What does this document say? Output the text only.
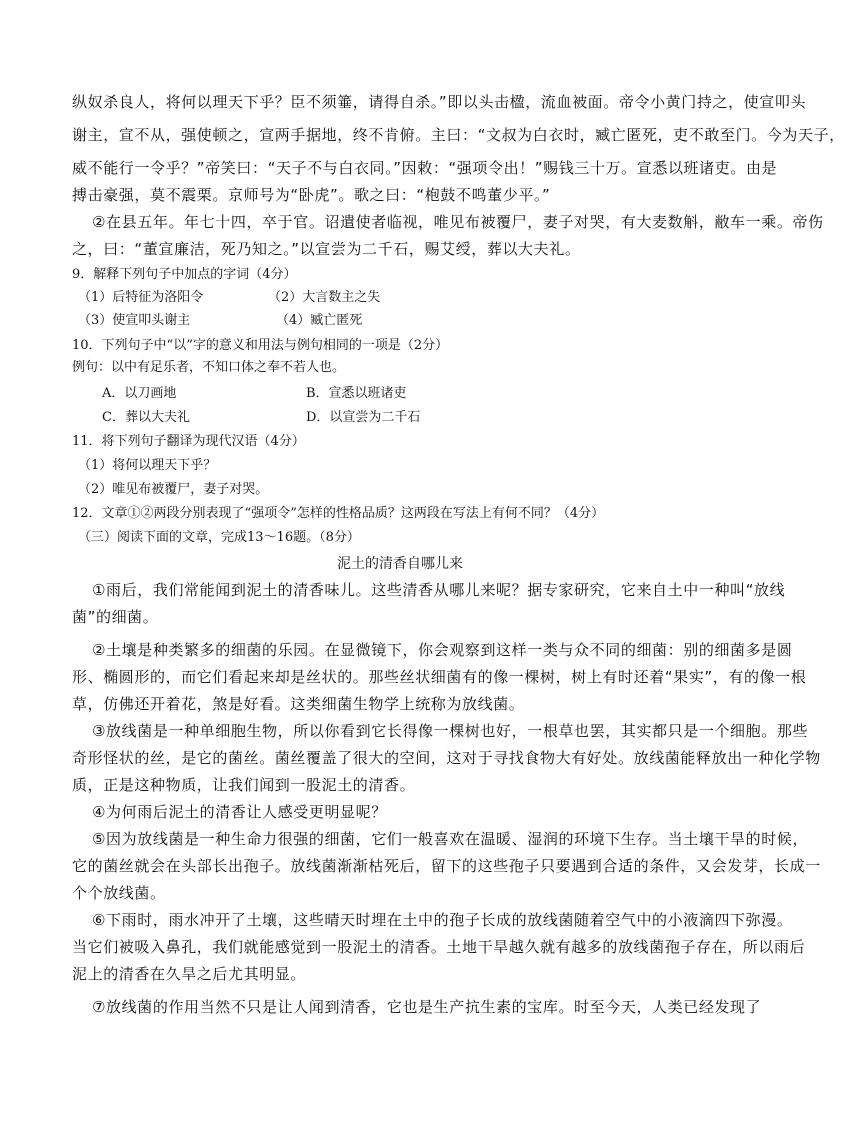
纵奴杀良人，将何以理天下乎？臣不须箠，请得自杀。”即以头击楹，流血被面。帝令小黄门持之，使宣叩头
谢主，宣不从，强使顿之，宣两手据地，终不肯俯。主曰：“文叔为白衣时，臧亡匿死，吏不敢至门。今为天子，
威不能行一令乎？”帝笑曰：“天子不与白衣同。”因敕：“强项令出！”赐钱三十万。宣悉以班诸吏。由是
搏击豪强，莫不震栗。京师号为“卧虎”。歌之曰：“枹鼓不鸣董少平。”
②在县五年。年七十四，卒于官。诏遣使者临视，唯见布被覆尸，妻子对哭，有大麦数斛，敝车一乘。帝伤
之，曰：“董宣廉洁，死乃知之。”以宣尝为二千石，赐艾绶，葬以大夫礼。
9．解释下列句子中加点的字词（4分）
（1）后特征为洛阳令	（2）大言数主之失
（3）使宣叩头谢主	（4）臧亡匿死
10．下列句子中“以”字的意义和用法与例句相同的一项是（2分）
例句：以中有足乐者，不知口体之奉不若人也。
A．以刀画地	B．宣悉以班诸吏
C．葬以大夫礼	D．以宣尝为二千石
11．将下列句子翻译为现代汉语（4分）
（1）将何以理天下乎？
（2）唯见布被覆尸，妻子对哭。
12．文章①②两段分别表现了“强项令”怎样的性格品质？这两段在写法上有何不同？（4分）
（三）阅读下面的文章，完成13～16题。（8分）
泥土的清香自哪儿来
①雨后，我们常能闻到泥土的清香味儿。这些清香从哪儿来呢？据专家研究，它来自土中一种叫“放线
菌”的细菌。
②土壤是种类繁多的细菌的乐园。在显微镜下，你会观察到这样一类与众不同的细菌：别的细菌多是圆
形、椭圆形的，而它们看起来却是丝状的。那些丝状细菌有的像一棵树，树上有时还着“果实”，有的像一根
草，仿佛还开着花，煞是好看。这类细菌生物学上统称为放线菌。
③放线菌是一种单细胞生物，所以你看到它长得像一棵树也好，一根草也罢，其实都只是一个细胞。那些
奇形怪状的丝，是它的菌丝。菌丝覆盖了很大的空间，这对于寻找食物大有好处。放线菌能释放出一种化学物
质，正是这种物质，让我们闻到一股泥土的清香。
④为何雨后泥土的清香让人感受更明显呢？
⑤因为放线菌是一种生命力很强的细菌，它们一般喜欢在温暖、湿润的环境下生存。当土壤干旱的时候，
它的菌丝就会在头部长出孢子。放线菌渐渐枯死后，留下的这些孢子只要遇到合适的条件，又会发芽，长成一
个个放线菌。
⑥下雨时，雨水冲开了土壤，这些晴天时埋在土中的孢子长成的放线菌随着空气中的小液滴四下弥漫。
当它们被吸入鼻孔，我们就能感觉到一股泥土的清香。土地干旱越久就有越多的放线菌孢子存在，所以雨后
泥上的清香在久旱之后尤其明显。
⑦放线菌的作用当然不只是让人闻到清香，它也是生产抗生素的宝库。时至今天，人类已经发现了
